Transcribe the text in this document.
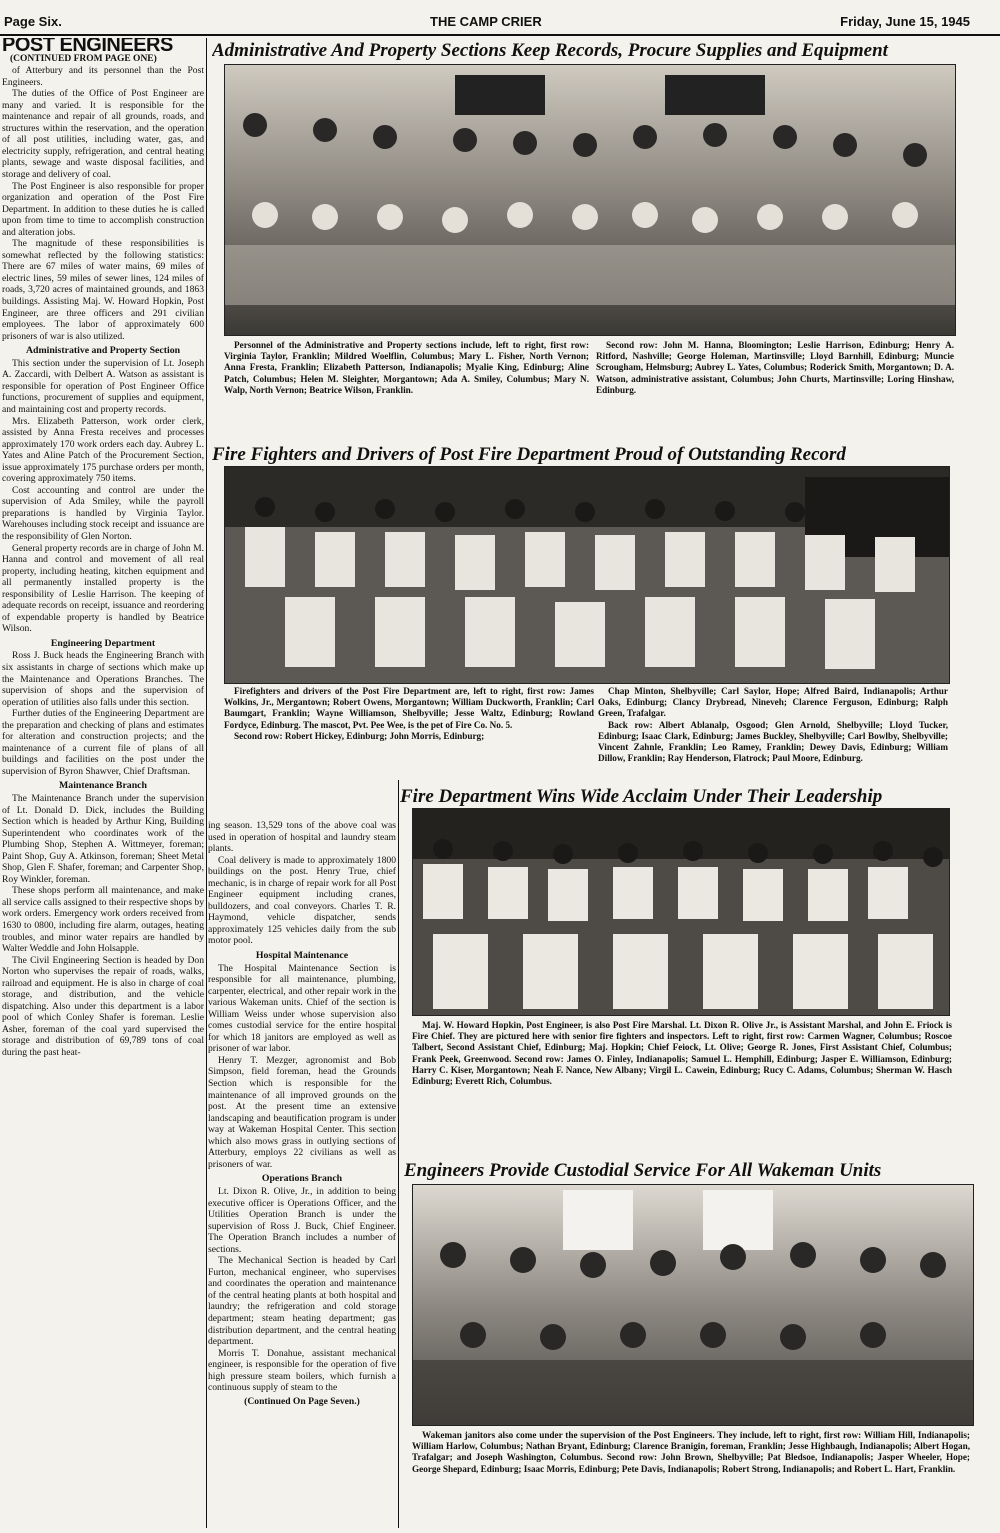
Page Six.	THE CAMP CRIER	Friday, June 15, 1945
POST ENGINEERS
(CONTINUED FROM PAGE ONE)

of Atterbury and its personnel than the Post Engineers.

The duties of the Office of Post Engineer are many and varied. It is responsible for the maintenance and repair of all grounds, roads, and structures within the reservation, and the operation of all post utilities, including water, gas, and electricity supply, refrigeration, and central heating plants, sewage and waste disposal facilities, and storage and delivery of coal.

The Post Engineer is also responsible for proper organization and operation of the Post Fire Department. In addition to these duties he is called upon from time to time to accomplish construction and alteration jobs.

The magnitude of these responsibilities is somewhat reflected by the following statistics: There are 67 miles of water mains, 69 miles of electric lines, 59 miles of sewer lines, 124 miles of roads, 3,720 acres of maintained grounds, and 1863 buildings. Assisting Maj. W. Howard Hopkin, Post Engineer, are three officers and 291 civilian employees. The labor of approximately 600 prisoners of war is also utilized.

Administrative and Property Section

This section under the supervision of Lt. Joseph A. Zaccardi, with Delbert A. Watson as assistant is responsible for operation of Post Engineer Office functions, procurement of supplies and equipment, and maintaining cost and property records.

Mrs. Elizabeth Patterson, work order clerk, assisted by Anna Fresta receives and processes approximately 170 work orders each day. Aubrey L. Yates and Aline Patch of the Procurement Section, issue approximately 175 purchase orders per month, covering approximately 750 items.

Cost accounting and control are under the supervision of Ada Smiley, while the payroll preparations is handled by Virginia Taylor. Warehouses including stock receipt and issuance are the responsibility of Glen Norton.

General property records are in charge of John M. Hanna and control and movement of all real property, including heating, kitchen equipment and all permanently installed property is the responsibility of Leslie Harrison. The keeping of adequate records on receipt, issuance and reordering of expendable property is handled by Beatrice Wilson.

Engineering Department

Ross J. Buck heads the Engineering Branch with six assistants in charge of sections which make up the Maintenance and Operations Branches. The supervision of shops and the supervision of operation of utilities also falls under this section.

Further duties of the Engineering Department are the preparation and checking of plans and estimates for alteration and construction projects; and the maintenance of a current file of plans of all buildings and facilities on the post under the supervision of Byron Shawver, Chief Draftsman.

Maintenance Branch

The Maintenance Branch under the supervision of Lt. Donald D. Dick, includes the Building Section which is headed by Arthur King, Building Superintendent who coordinates work of the Plumbing Shop, Stephen A. Wittmeyer, foreman; Paint Shop, Guy A. Atkinson, foreman; Sheet Metal Shop, Glen F. Shafer, foreman; and Carpenter Shop, Roy Winkler, foreman.

These shops perform all maintenance, and make all service calls assigned to their respective shops by work orders. Emergency work orders received from 1630 to 0800, including fire alarm, outages, heating troubles, and minor water repairs are handled by Walter Weddle and John Holsapple.

The Civil Engineering Section is headed by Don Norton who supervises the repair of roads, walks, railroad and equipment. He is also in charge of coal storage, and distribution, and the vehicle dispatching. Also under this department is a labor pool of which Conley Shafer is foreman. Leslie Asher, foreman of the coal yard supervised the storage and distribution of 69,789 tons of coal during the past heat-

Administrative And Property Sections Keep Records, Procure Supplies and Equipment

Personnel of the Administrative and Property sections include, left to right, first row: Virginia Taylor, Franklin; Mildred Woelflin, Columbus; Mary L. Fisher, North Vernon; Anna Fresta, Franklin; Elizabeth Patterson, Indianapolis; Myalie King, Edinburg; Aline Patch, Columbus; Helen M. Sleighter, Morgantown; Ada A. Smiley, Columbus; Mary N. Walp, North Vernon; Beatrice Wilson, Franklin.

Second row: John M. Hanna, Bloomington; Leslie Harrison, Edinburg; Henry A. Ritford, Nashville; George Holeman, Martinsville; Lloyd Barnhill, Edinburg; Muncie Scrougham, Helmsburg; Aubrey L. Yates, Columbus; Roderick Smith, Morgantown; D. A. Watson, administrative assistant, Columbus; John Churts, Martinsville; Loring Hinshaw, Edinburg.

Fire Fighters and Drivers of Post Fire Department Proud of Outstanding Record

Firefighters and drivers of the Post Fire Department are, left to right, first row: James Wolkins, Jr., Mergantown; Robert Owens, Morgantown; William Duckworth, Franklin; Carl Baumgart, Franklin; Wayne Williamson, Shelbyville; Jesse Waltz, Edinburg; Rowland Fordyce, Edinburg. The mascot, Pvt. Pee Wee, is the pet of Fire Co. No. 5.

Second row: Robert Hickey, Edinburg; John Morris, Edinburg;

Chap Minton, Shelbyville; Carl Saylor, Hope; Alfred Baird, Indianapolis; Arthur Oaks, Edinburg; Clancy Drybread, Nineveh; Clarence Ferguson, Edinburg; Ralph Green, Trafalgar.

Back row: Albert Ablanalp, Osgood; Glen Arnold, Shelbyville; Lloyd Tucker, Edinburg; Isaac Clark, Edinburg; James Buckley, Shelbyville; Carl Bowlby, Shelbyville; Vincent Zahnle, Franklin; Leo Ramey, Franklin; Dewey Davis, Edinburg; William Dillow, Franklin; Ray Henderson, Flatrock; Paul Moore, Edinburg.

ing season. 13,529 tons of the above coal was used in operation of hospital and laundry steam plants.

Coal delivery is made to approximately 1800 buildings on the post. Henry True, chief mechanic, is in charge of repair work for all Post Engineer equipment including cranes, bulldozers, and coal conveyors. Charles T. R. Haymond, vehicle dispatcher, sends approximately 125 vehicles daily from the sub motor pool.

Hospital Maintenance

The Hospital Maintenance Section is responsible for all maintenance, plumbing, carpenter, electrical, and other repair work in the various Wakeman units. Chief of the section is William Weiss under whose supervision also comes custodial service for the entire hospital for which 18 janitors are employed as well as prisoner of war labor.

Henry T. Mezger, agronomist and Bob Simpson, field foreman, head the Grounds Section which is responsible for the maintenance of all improved grounds on the post. At the present time an extensive landscaping and beautification program is under way at Wakeman Hospital Center. This section which also mows grass in outlying sections of Atterbury, employs 22 civilians as well as prisoners of war.

Operations Branch

Lt. Dixon R. Olive, Jr., in addition to being executive officer is Operations Officer, and the Utilities Operation Branch is under the supervision of Ross J. Buck, Chief Engineer. The Operation Branch includes a number of sections.

The Mechanical Section is headed by Carl Furton, mechanical engineer, who supervises and coordinates the operation and maintenance of the central heating plants at both hospital and laundry; the refrigeration and cold storage department; steam heating department; gas distribution department, and the central heating department.

Morris T. Donahue, assistant mechanical engineer, is responsible for the operation of five high pressure steam boilers, which furnish a continuous supply of steam to the

(Continued On Page Seven.)
Fire Department Wins Wide Acclaim Under Their Leadership

Maj. W. Howard Hopkin, Post Engineer, is also Post Fire Marshal. Lt. Dixon R. Olive Jr., is Assistant Marshal, and John E. Friock is Fire Chief. They are pictured here with senior fire fighters and inspectors. Left to right, first row: Carmen Wagner, Columbus; Roscoe Talbert, Second Assistant Chief, Edinburg; Maj. Hopkin; Chief Feiock, Lt. Olive; George R. Jones, First Assistant Chief, Columbus; Frank Peek, Greenwood. Second row: James O. Finley, Indianapolis; Samuel L. Hemphill, Edinburg; Jasper E. Williamson, Edinburg; Harry C. Kiser, Morgantown; Neah F. Nance, New Albany; Virgil L. Cawein, Edinburg; Rucy C. Adams, Columbus; Sherman W. Hasch Edinburg; Everett Rich, Columbus.

Engineers Provide Custodial Service For All Wakeman Units

Wakeman janitors also come under the supervision of the Post Engineers. They include, left to right, first row: William Hill, Indianapolis; William Harlow, Columbus; Nathan Bryant, Edinburg; Clarence Branigin, foreman, Franklin; Jesse Highbaugh, Indianapolis; Albert Hogan, Trafalgar; and Joseph Washington, Columbus. Second row: John Brown, Shelbyville; Pat Bledsoe, Indianapolis; Jasper Wheeler, Hope; George Shepard, Edinburg; Isaac Morris, Edinburg; Pete Davis, Indianapolis; Robert Strong, Indianapolis; and Robert L. Hart, Franklin.
